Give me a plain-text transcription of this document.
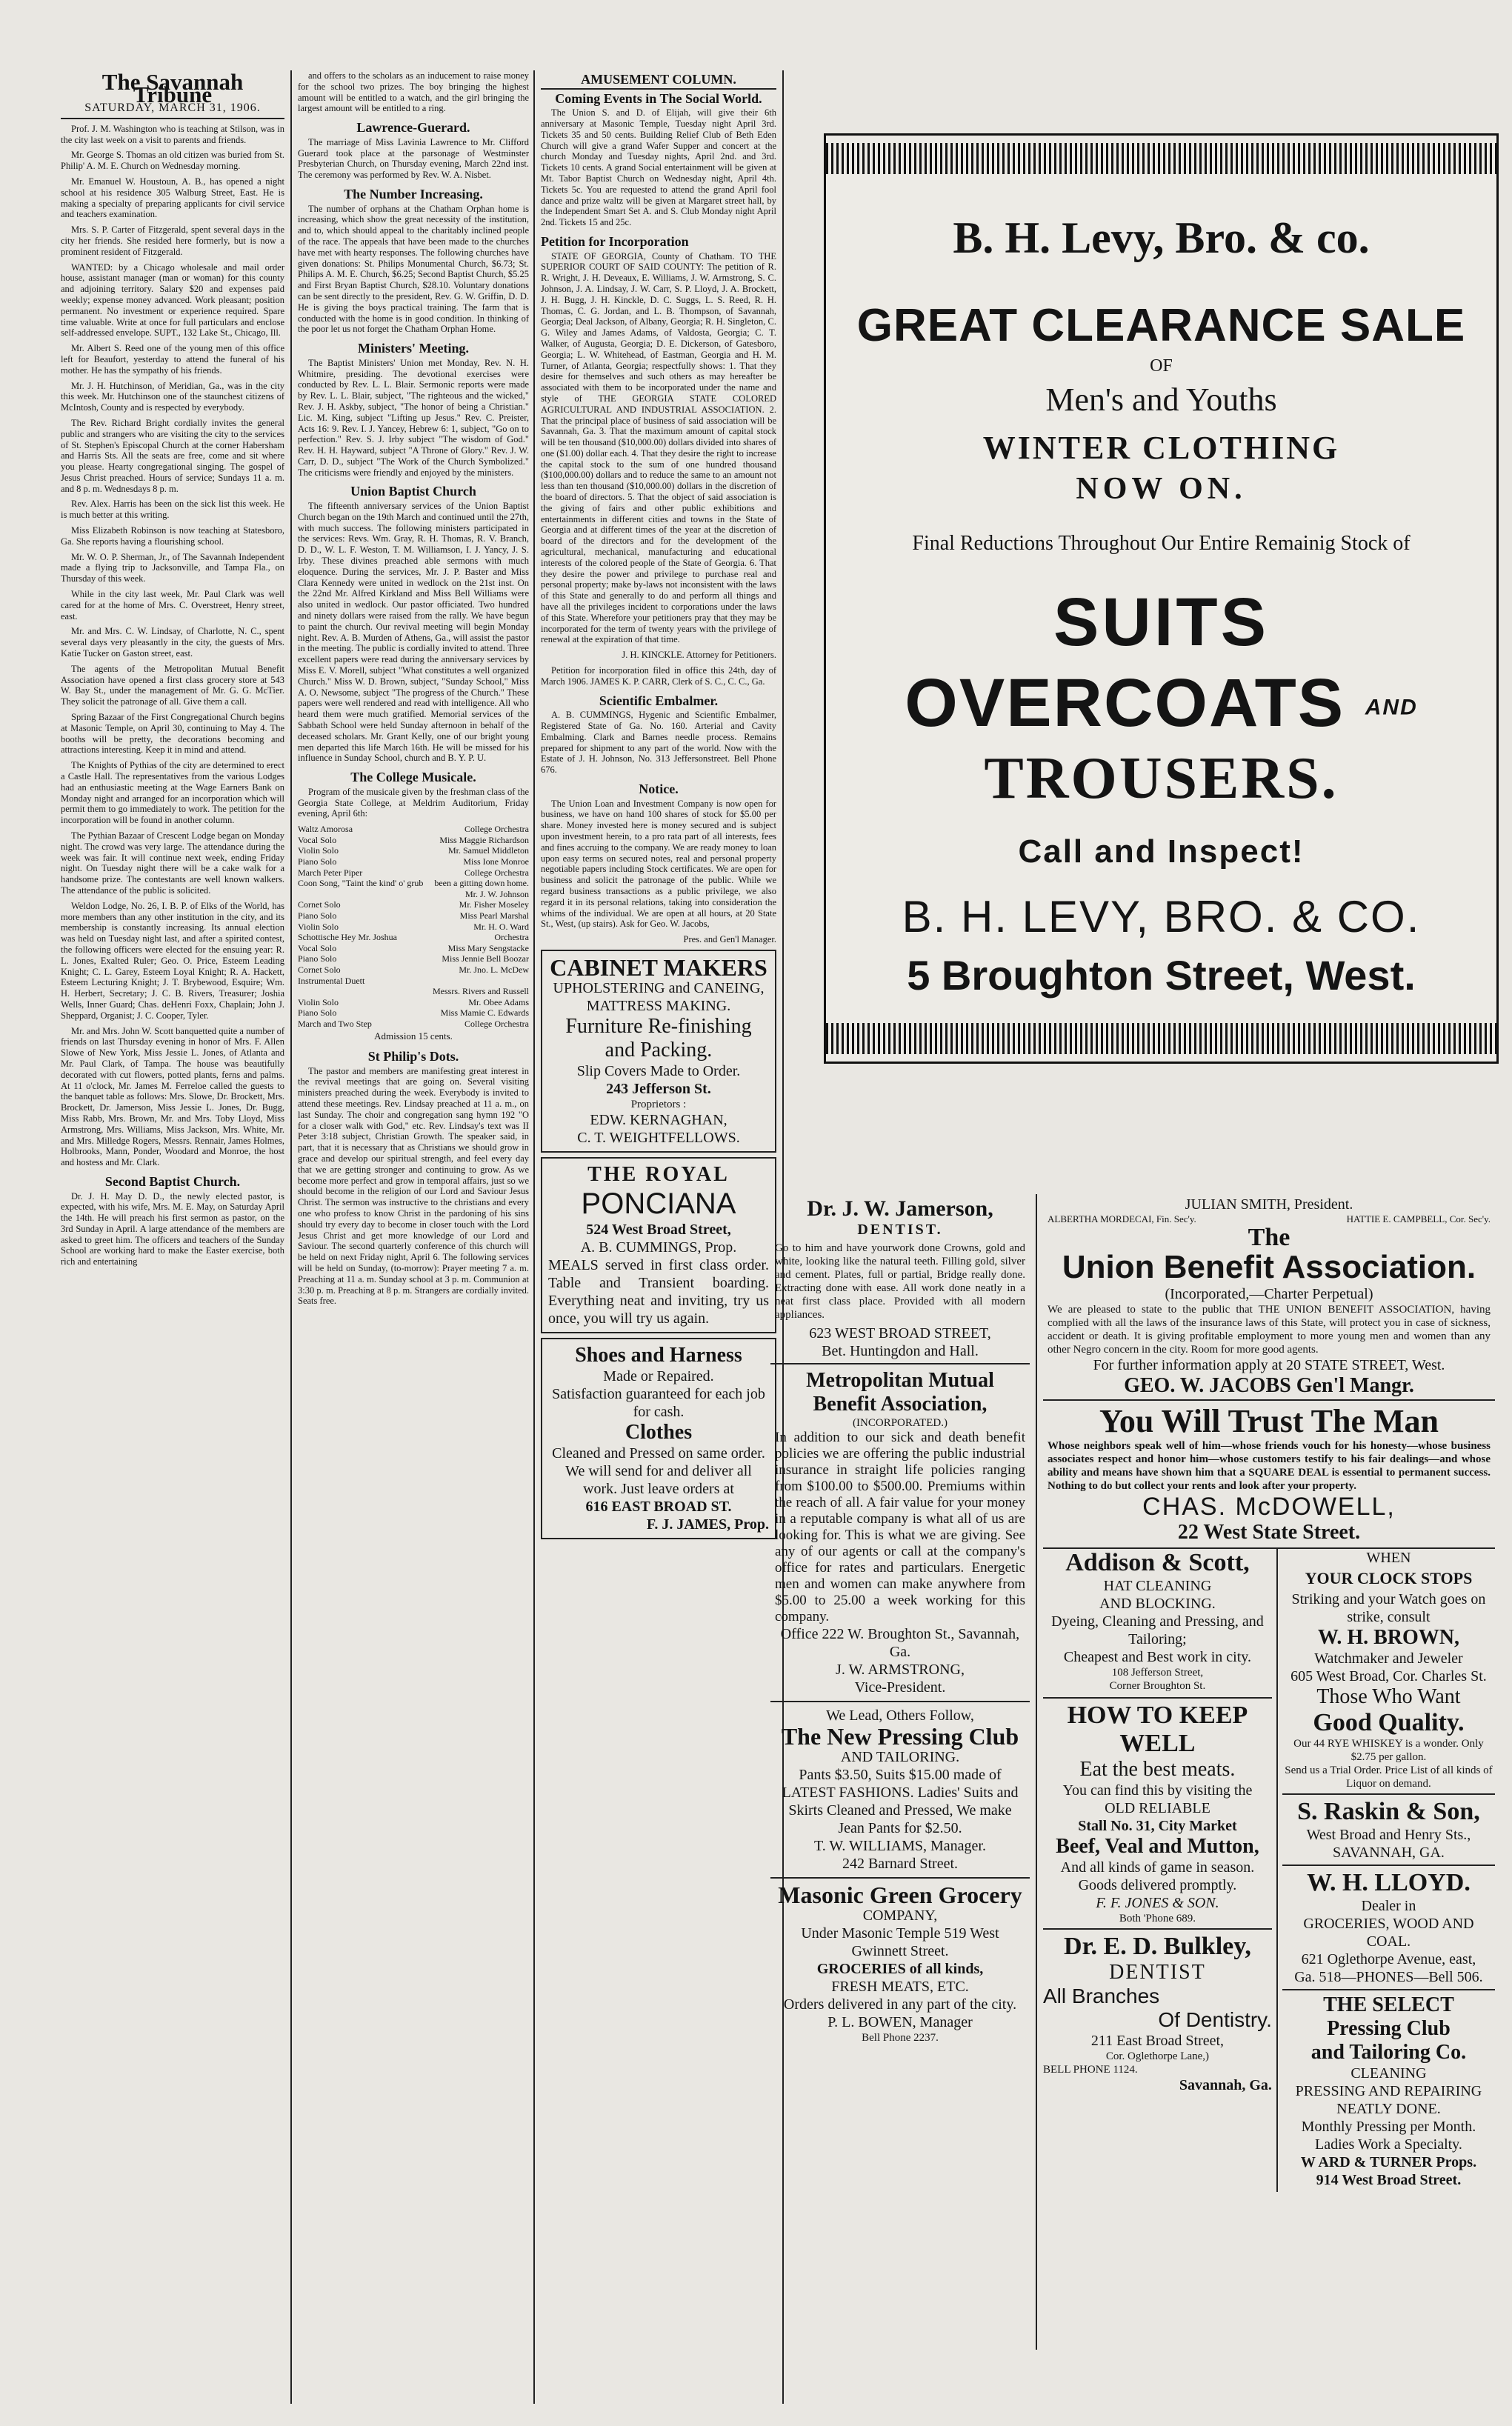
The Savannah Tribune
SATURDAY, MARCH 31, 1906.

Prof. J. M. Washington who is teaching at Stilson, was in the city last week on a visit to parents and friends.

Mr. George S. Thomas an old citizen was buried from St. Philip' A. M. E. Church on Wednesday morning.

Mr. Emanuel W. Houstoun, A. B., has opened a night school at his residence 305 Walburg Street, East. He is making a specialty of preparing applicants for civil service and teachers examination.

Mrs. S. P. Carter of Fitzgerald, spent several days in the city her friends. She resided here formerly, but is now a prominent resident of Fitzgerald.

WANTED: by a Chicago wholesale and mail order house, assistant manager (man or woman) for this county and adjoining territory. Salary $20 and expenses paid weekly; expense money advanced. Work pleasant; position permanent. No investment or experience required. Spare time valuable. Write at once for full particulars and enclose self-addressed envelope. SUPT., 132 Lake St., Chicago, Ill.

Mr. Albert S. Reed one of the young men of this office left for Beaufort, yesterday to attend the funeral of his mother. He has the sympathy of his friends.

Mr. J. H. Hutchinson, of Meridian, Ga., was in the city this week. Mr. Hutchinson one of the staunchest citizens of McIntosh, County and is respected by everybody.

The Rev. Richard Bright cordially invites the general public and strangers who are visiting the city to the services of St. Stephen's Episcopal Church at the corner Habersham and Harris Sts. All the seats are free, come and sit where you please. Hearty congregational singing. The gospel of Jesus Christ preached. Hours of service; Sundays 11 a. m. and 8 p. m. Wednesdays 8 p. m.

Rev. Alex. Harris has been on the sick list this week. He is much better at this writing.

Miss Elizabeth Robinson is now teaching at Statesboro, Ga. She reports having a flourishing school.

Mr. W. O. P. Sherman, Jr., of The Savannah Independent made a flying trip to Jacksonville, and Tampa Fla., on Thursday of this week.

While in the city last week, Mr. Paul Clark was well cared for at the home of Mrs. C. Overstreet, Henry street, east.

Mr. and Mrs. C. W. Lindsay, of Charlotte, N. C., spent several days very pleasantly in the city, the guests of Mrs. Katie Tucker on Gaston street, east.

The agents of the Metropolitan Mutual Benefit Association have opened a first class grocery store at 543 W. Bay St., under the management of Mr. G. G. McTier. They solicit the patronage of all. Give them a call.

Spring Bazaar of the First Congregational Church begins at Masonic Temple, on April 30, continuing to May 4. The booths will be pretty, the decorations becoming and attractions interesting. Keep it in mind and attend.

The Knights of Pythias of the city are determined to erect a Castle Hall. The representatives from the various Lodges had an enthusiastic meeting at the Wage Earners Bank on Monday night and arranged for an incorporation which will permit them to go immediately to work. The petition for the incorporation will be found in another column.

The Pythian Bazaar of Crescent Lodge began on Monday night. The crowd was very large. The attendance during the week was fair. It will continue next week, ending Friday night. On Tuesday night there will be a cake walk for a handsome prize. The contestants are well known walkers. The attendance of the public is solicited.

Weldon Lodge, No. 26, I. B. P. of Elks of the World, has more members than any other institution in the city, and its membership is constantly increasing. Its annual election was held on Tuesday night last, and after a spirited contest, the following officers were elected for the ensuing year: R. L. Jones, Exalted Ruler; Geo. O. Price, Esteem Leading Knight; C. L. Garey, Esteem Loyal Knight; R. A. Hackett, Esteem Lecturing Knight; J. T. Brybewood, Esquire; Wm. H. Herbert, Secretary; J. C. B. Rivers, Treasurer; Joshia Wells, Inner Guard; Chas. deHenri Foxx, Chaplain; John J. Sheppard, Organist; J. C. Cooper, Tyler.

Mr. and Mrs. John W. Scott banquetted quite a number of friends on last Thursday evening in honor of Mrs. F. Allen Slowe of New York, Miss Jessie L. Jones, of Atlanta and Mr. Paul Clark, of Tampa. The house was beautifully decorated with cut flowers, potted plants, ferns and palms. At 11 o'clock, Mr. James M. Ferreloe called the guests to the banquet table as follows: Mrs. Slowe, Dr. Brockett, Mrs. Brockett, Dr. Jamerson, Miss Jessie L. Jones, Dr. Bugg, Miss Rabb, Mrs. Brown, Mr. and Mrs. Toby Lloyd, Miss Armstrong, Mrs. Williams, Miss Jackson, Mrs. White, Mr. and Mrs. Milledge Rogers, Messrs. Rennair, James Holmes, Holbrooks, Mann, Ponder, Woodard and Monroe, the host and hostess and Mr. Clark.

Second Baptist Church.

Dr. J. H. May D. D., the newly elected pastor, is expected, with his wife, Mrs. M. E. May, on Saturday April the 14th. He will preach his first sermon as pastor, on the 3rd Sunday in April. A large attendance of the members are asked to greet him. The officers and teachers of the Sunday School are working hard to make the Easter exercise, both rich and entertaining

and offers to the scholars as an inducement to raise money for the school two prizes. The boy bringing the highest amount will be entitled to a watch, and the girl bringing the largest amount will be entitled to a ring.

Lawrence-Guerard.

The marriage of Miss Lavinia Lawrence to Mr. Clifford Guerard took place at the parsonage of Westminster Presbyterian Church, on Thursday evening, March 22nd inst. The ceremony was performed by Rev. W. A. Nisbet.

The Number Increasing.

The number of orphans at the Chatham Orphan home is increasing, which show the great necessity of the institution, and to, which should appeal to the charitably inclined people of the race. The appeals that have been made to the churches have met with hearty responses. The following churches have given donations: St. Philips Monumental Church, $6.73; St. Philips A. M. E. Church, $6.25; Second Baptist Church, $5.25 and First Bryan Baptist Church, $28.10. Voluntary donations can be sent directly to the president, Rev. G. W. Griffin, D. D. He is giving the boys practical training. The farm that is conducted with the home is in good condition. In thinking of the poor let us not forget the Chatham Orphan Home.

Ministers' Meeting.

The Baptist Ministers' Union met Monday, Rev. N. H. Whitmire, presiding. The devotional exercises were conducted by Rev. L. L. Blair. Sermonic reports were made by Rev. L. L. Blair, subject, "The righteous and the wicked," Rev. J. H. Askby, subject, "The honor of being a Christian." Lic. M. King, subject "Lifting up Jesus." Rev. C. Preister, Acts 16: 9. Rev. I. J. Yancey, Hebrew 6: 1, subject, "Go on to perfection." Rev. S. J. Irby subject "The wisdom of God." Rev. H. H. Hayward, subject "A Throne of Glory." Rev. J. W. Carr, D. D., subject "The Work of the Church Symbolized." The criticisms were friendly and enjoyed by the ministers.

Union Baptist Church

The fifteenth anniversary services of the Union Baptist Church began on the 19th March and continued until the 27th, with much success. The following ministers participated in the services: Revs. Wm. Gray, R. H. Thomas, R. V. Branch, D. D., W. L. F. Weston, T. M. Williamson, I. J. Yancy, J. S. Irby. These divines preached able sermons with much eloquence. During the services, Mr. J. P. Baster and Miss Clara Kennedy were united in wedlock on the 21st inst. On the 22nd Mr. Alfred Kirkland and Miss Bell Williams were also united in wedlock. Our pastor officiated. Two hundred and ninety dollars were raised from the rally. We have begun to paint the church. Our revival meeting will begin Monday night. Rev. A. B. Murden of Athens, Ga., will assist the pastor in the meeting. The public is cordially invited to attend. Three excellent papers were read during the anniversary services by Miss E. V. Morell, subject "What constitutes a well organized Church." Miss W. D. Brown, subject, "Sunday School," Miss A. O. Newsome, subject "The progress of the Church." These papers were well rendered and read with intelligence. All who heard them were much gratified. Memorial services of the Sabbath School were held Sunday afternoon in behalf of the deceased scholars. Mr. Grant Kelly, one of our bright young men departed this life March 16th. He will be missed for his influence in Sunday School, church and B. Y. P. U.

The College Musicale.

Program of the musicale given by the freshman class of the Georgia State College, at Meldrim Auditorium, Friday evening, April 6th:

Waltz Amorosa	College Orchestra
Vocal Solo	Miss Maggie Richardson
Violin Solo	Mr. Samuel Middleton
Piano Solo	Miss Ione Monroe
March Peter Piper	College Orchestra
Coon Song, "Taint the kind' o' grub been a gitting down home.
Mr. J. W. Johnson
Cornet Solo	Mr. Fisher Moseley
Piano Solo	Miss Pearl Marshal
Violin Solo	Mr. H. O. Ward
Schottische Hey Mr. Joshua	Orchestra
Vocal Solo	Miss Mary Sengstacke
Piano Solo	Miss Jennie Bell Boozar
Cornet Solo	Mr. Jno. L. McDew
Instrumental Duett
Messrs. Rivers and Russell
Violin Solo	Mr. Obee Adams
Piano Solo	Miss Mamie C. Edwards
March and Two Step	College Orchestra
Admission 15 cents.
St Philip's Dots.

The pastor and members are manifesting great interest in the revival meetings that are going on. Several visiting ministers preached during the week. Everybody is invited to attend these meetings. Rev. Lindsay preached at 11 a. m., on last Sunday. The choir and congregation sang hymn 192 "O for a closer walk with God," etc. Rev. Lindsay's text was II Peter 3:18 subject, Christian Growth. The speaker said, in part, that it is necessary that as Christians we should grow in grace and develop our spiritual strength, and feel every day that we are getting stronger and continuing to grow. As we become more perfect and grow in temporal affairs, just so we should become in the religion of our Lord and Saviour Jesus Christ. The sermon was instructive to the christians and every one who profess to know Christ in the pardoning of his sins should try every day to become in closer touch with the Lord Jesus Christ and get more knowledge of our Lord and Saviour. The second quarterly conference of this church will be held on next Friday night, April 6. The following services will be held on Sunday, (to-morrow): Prayer meeting 7 a. m. Preaching at 11 a. m. Sunday school at 3 p. m. Communion at 3:30 p. m. Preaching at 8 p. m. Strangers are cordially invited. Seats free.

AMUSEMENT COLUMN.
Coming Events in The Social World.

The Union S. and D. of Elijah, will give their 6th anniversary at Masonic Temple, Tuesday night April 3rd. Tickets 35 and 50 cents. Building Relief Club of Beth Eden Church will give a grand Wafer Supper and concert at the church Monday and Tuesday nights, April 2nd. and 3rd. Tickets 10 cents. A grand Social entertainment will be given at Mt. Tabor Baptist Church on Wednesday night, April 4th. Tickets 5c. You are requested to attend the grand April fool dance and prize waltz will be given at Margaret street hall, by the Independent Smart Set A. and S. Club Monday night April 2nd. Tickets 15 and 25c.

Petition for Incorporation

STATE OF GEORGIA, County of Chatham. TO THE SUPERIOR COURT OF SAID COUNTY: The petition of R. R. Wright, J. H. Deveaux, E. Williams, J. W. Armstrong, S. C. Johnson, J. A. Lindsay, J. W. Carr, S. P. Lloyd, J. A. Brockett, J. H. Bugg, J. H. Kinckle, D. C. Suggs, L. S. Reed, R. H. Thomas, C. G. Jordan, and L. B. Thompson, of Savannah, Georgia; Deal Jackson, of Albany, Georgia; R. H. Singleton, C. G. Wiley and James Adams, of Valdosta, Georgia; C. T. Walker, of Augusta, Georgia; D. E. Dickerson, of Gatesboro, Georgia; L. W. Whitehead, of Eastman, Georgia and H. M. Turner, of Atlanta, Georgia; respectfully shows: 1. That they desire for themselves and such others as may hereafter be associated with them to be incorporated under the name and style of THE GEORGIA STATE COLORED AGRICULTURAL AND INDUSTRIAL ASSOCIATION. 2. That the principal place of business of said association will be Savannah, Ga. 3. That the maximum amount of capital stock will be ten thousand ($10,000.00) dollars divided into shares of one ($1.00) dollar each. 4. That they desire the right to increase the capital stock to the sum of one hundred thousand ($100,000.00) dollars and to reduce the same to an amount not less than ten thousand ($10,000.00) dollars in the discretion of the board of directors. 5. That the object of said association is the giving of fairs and other public exhibitions and entertainments in different cities and towns in the State of Georgia and at different times of the year at the discretion of board of the directors and for the development of the agricultural, mechanical, manufacturing and educational interests of the colored people of the State of Georgia. 6. That they desire the power and privilege to purchase real and personal property; make by-laws not inconsistent with the laws of this State and generally to do and perform all things and have all the privileges incident to corporations under the laws of this State. Wherefore your petitioners pray that they may be incorporated for the term of twenty years with the privilege of renewal at the expiration of that time.

J. H. KINCKLE. Attorney for Petitioners.

Petition for incorporation filed in office this 24th, day of March 1906. JAMES K. P. CARR, Clerk of S. C., C. C., Ga.

Scientific Embalmer.

A. B. CUMMINGS, Hygenic and Scientific Embalmer, Registered State of Ga. No. 160. Arterial and Cavity Embalming. Clark and Barnes needle process. Remains prepared for shipment to any part of the world. Now with the Estate of J. H. Johnson, No. 313 Jeffersonstreet. Bell Phone 676.

Notice.

The Union Loan and Investment Company is now open for business, we have on hand 100 shares of stock for $5.00 per share. Money invested here is money secured and is subject upon investment herein, to a pro rata part of all interests, fees and fines accruing to the company. We are ready money to loan upon easy terms on secured notes, real and personal property negotiable papers including Stock certificates. We are open for business and solicit the patronage of the public. While we regard business transactions as a public privilege, we also regard it in its personal relations, taking into consideration the whims of the individual. We are open at all hours, at 20 State St., West, (up stairs). Ask for Geo. W. Jacobs,

Pres. and Gen'l Manager.

CABINET MAKERS
UPHOLSTERING and CANEING,
MATTRESS MAKING.
Furniture Re-finishing and Packing.
Slip Covers Made to Order.
243 Jefferson St.
Proprietors :
EDW. KERNAGHAN,
C. T. WEIGHTFELLOWS.
THE ROYAL
PONCIANA
524 West Broad Street,
A. B. CUMMINGS, Prop.
MEALS served in first class order. Table and Transient boarding. Everything neat and inviting, try us once, you will try us again.
Shoes and Harness
Made or Repaired.
Satisfaction guaranteed for each job for cash.
Clothes
Cleaned and Pressed on same order.
We will send for and deliver all work. Just leave orders at
616 EAST BROAD ST.
F. J. JAMES, Prop.
B. H. Levy, Bro. & co.
GREAT CLEARANCE SALE
OF
Men's and Youths
WINTER CLOTHING
NOW ON.
Final Reductions Throughout Our Entire Remainig Stock of
SUITS
OVERCOATS AND
TROUSERS.
Call and Inspect!
B. H. LEVY, BRO. & CO.
5 Broughton Street, West.
Dr. J. W. Jamerson,
DENTIST.
Go to him and have yourwork done Crowns, gold and white, looking like the natural teeth. Filling gold, silver and cement. Plates, full or partial, Bridge really done. Extracting done with ease. All work done neatly in a neat first class place. Provided with all modern appliances.
623 WEST BROAD STREET,
Bet. Huntingdon and Hall.
Metropolitan Mutual
Benefit Association,
(INCORPORATED.)
In addition to our sick and death benefit policies we are offering the public industrial insurance in straight life policies ranging from $100.00 to $500.00. Premiums within the reach of all. A fair value for your money in a reputable company is what all of us are looking for. This is what we are giving. See any of our agents or call at the company's office for rates and particulars. Energetic men and women can make anywhere from $5.00 to 25.00 a week working for this company.
Office 222 W. Broughton St., Savannah, Ga.
J. W. ARMSTRONG,
Vice-President.
We Lead, Others Follow,
The New Pressing Club
AND TAILORING.
Pants $3.50, Suits $15.00 made of LATEST FASHIONS. Ladies' Suits and Skirts Cleaned and Pressed, We make Jean Pants for $2.50.
T. W. WILLIAMS, Manager.
242 Barnard Street.
Masonic Green Grocery
COMPANY,
Under Masonic Temple 519 West Gwinnett Street.
GROCERIES of all kinds,
FRESH MEATS, ETC.
Orders delivered in any part of the city.
P. L. BOWEN, Manager
Bell Phone 2237.
JULIAN SMITH, President.
ALBERTHA MORDECAI, Fin. Sec'y.	HATTIE E. CAMPBELL, Cor. Sec'y.
The
Union Benefit Association.
(Incorporated,—Charter Perpetual)
We are pleased to state to the public that THE UNION BENEFIT ASSOCIATION, having complied with all the laws of the insurance laws of this State, will protect you in case of sickness, accident or death. It is giving profitable employment to more young men and women than any other Negro concern in the city. Room for more good agents.
For further information apply at 20 STATE STREET, West.
GEO. W. JACOBS Gen'l Mangr.
You Will Trust The Man
Whose neighbors speak well of him—whose friends vouch for his honesty—whose business associates respect and honor him—whose customers testify to his fair dealings—and whose ability and means have shown him that a SQUARE DEAL is essential to permanent success. Nothing to do but collect your rents and look after your property.
CHAS. McDOWELL,
22 West State Street.
Addison & Scott,
HAT CLEANING
AND BLOCKING.
Dyeing, Cleaning and Pressing, and Tailoring;
Cheapest and Best work in city.
108 Jefferson Street,
Corner Broughton St.
HOW TO KEEP WELL
Eat the best meats.
You can find this by visiting the
OLD RELIABLE
Stall No. 31, City Market
Beef, Veal and Mutton,
And all kinds of game in season.
Goods delivered promptly.
F. F. JONES & SON.
Both 'Phone 689.
Dr. E. D. Bulkley,
DENTIST
All Branches
Of Dentistry.
211 East Broad Street,
Cor. Oglethorpe Lane,)
BELL PHONE 1124.
Savannah, Ga.
WHEN
YOUR CLOCK STOPS
Striking and your Watch goes on strike, consult
W. H. BROWN,
Watchmaker and Jeweler
605 West Broad, Cor. Charles St.
Those Who Want
Good Quality.
Our 44 RYE WHISKEY is a wonder. Only $2.75 per gallon.
Send us a Trial Order. Price List of all kinds of Liquor on demand.
S. Raskin & Son,
West Broad and Henry Sts.,
SAVANNAH, GA.
W. H. LLOYD.
Dealer in
GROCERIES, WOOD AND COAL.
621 Oglethorpe Avenue, east,
Ga. 518—PHONES—Bell 506.
THE SELECT
Pressing Club
and Tailoring Co.
CLEANING
PRESSING AND REPAIRING
NEATLY DONE.
Monthly Pressing per Month.
Ladies Work a Specialty.
W ARD & TURNER Props.
914 West Broad Street.
